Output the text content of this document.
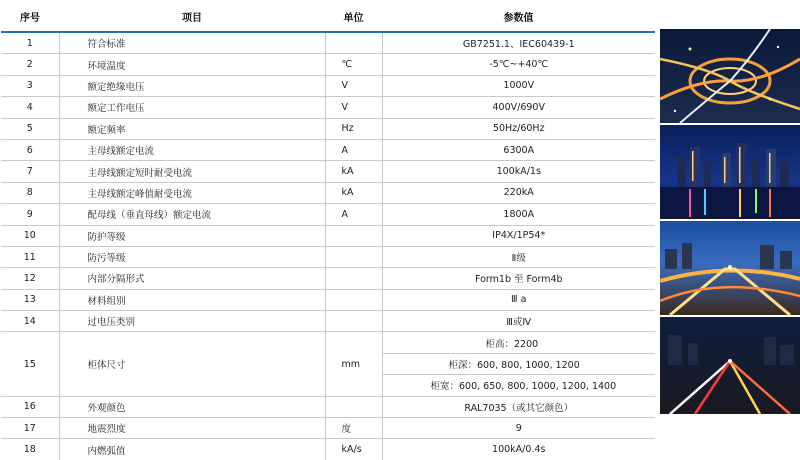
序号	项目	单位	参数值
1	符合标准		GB7251.1、IEC60439-1
2	环境温度	℃	-5℃~+40℃
3	额定绝缘电压	V	1000V
4	额定工作电压	V	400V/690V
5	额定频率	Hz	50Hz/60Hz
6	主母线额定电流	A	6300A
7	主母线额定短时耐受电流	kA	100kA/1s
8	主母线额定峰值耐受电流	kA	220kA
9	配母线（垂直母线）额定电流	A	1800A
10	防护等级		IP4X/1P54*
11	防污等级		Ⅱ级
12	内部分隔形式		Form1b 至 Form4b
13	材料组别		Ⅲ a
14	过电压类别		Ⅲ或Ⅳ
15	柜体尺寸	mm	柜高：2200
			柜深：600, 800, 1000, 1200
			柜宽：600, 650, 800, 1000, 1200, 1400
16	外观颜色		RAL7035（或其它颜色）
17	地震烈度	度	9
18	内燃弧值	kA/s	100kA/0.4s
